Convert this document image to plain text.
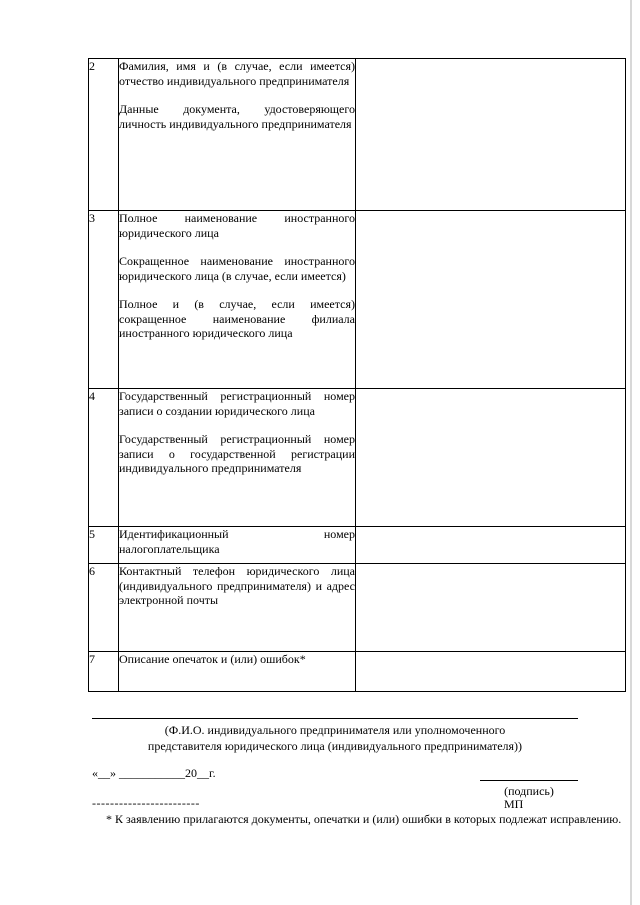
2	Фамилия, имя и (в случае, если имеется) отчество индивидуального предпринимателя
Данные документа, удостоверяющего личность индивидуального предпринимателя	

3	Полное наименование иностранного юридического лица
Сокращенное наименование иностранного юридического лица (в случае, если имеется)
Полное и (в случае, если имеется) сокращенное наименование филиала иностранного юридического лица	

4	Государственный регистрационный номер записи о создании юридического лица
Государственный регистрационный номер записи о государственной регистрации индивидуального предпринимателя	

5	Идентификационный номер налогоплательщика	

6	Контактный телефон юридического лица (индивидуального предпринимателя) и адрес электронной почты	

7	Описание опечаток и (или) ошибок*	

(Ф.И.О. индивидуального предпринимателя или уполномоченного
представителя юридического лица (индивидуального предпринимателя))
«__» ___________20__г.
(подпись)
МП
------------------------
* К заявлению прилагаются документы, опечатки и (или) ошибки в которых подлежат исправлению.
